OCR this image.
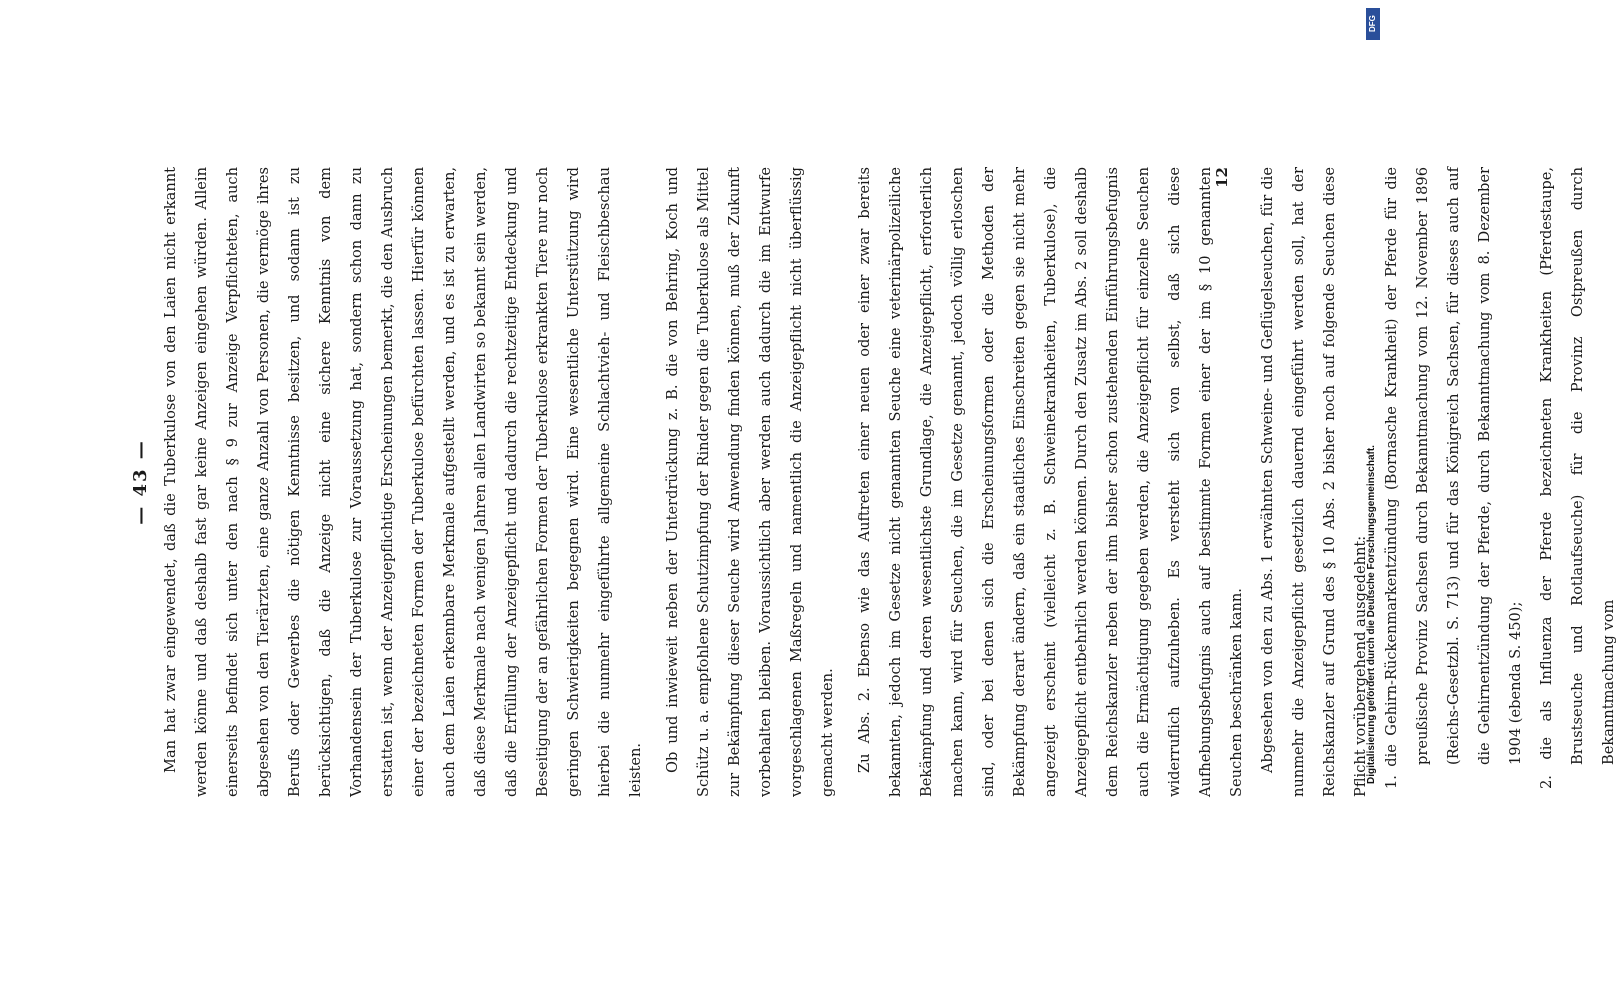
— 43 — Man hat zwar eingewendet, daß die Tuberkulose von den Laien nicht erkannt werden könne und daß deshalb fast gar keine Anzeigen eingehen würden. Allein einerseits befindet sich unter den nach § 9 zur Anzeige Verpflichteten, auch abgesehen von den Tierärzten, eine ganze Anzahl von Personen, die vermöge ihres Berufs oder Gewerbes die nötigen Kenntnisse besitzen, und sodann ist zu berücksichtigen, daß die Anzeige nicht eine sichere Kenntnis von dem Vorhandensein der Tuberkulose zur Voraussetzung hat, sondern schon dann zu erstatten ist, wenn der Anzeigepflichtige Erscheinungen bemerkt, die den Ausbruch einer der bezeichneten Formen der Tuberkulose befürchten lassen. Hierfür können auch dem Laien erkennbare Merkmale aufgestellt werden, und es ist zu erwarten, daß diese Merkmale nach wenigen Jahren allen Landwirten so bekannt sein werden, daß die Erfüllung der Anzeigepflicht und dadurch die rechtzeitige Entdeckung und Beseitigung der an gefährlichen Formen der Tuberkulose erkrankten Tiere nur noch geringen Schwierigkeiten begegnen wird. Eine wesentliche Unterstützung wird hierbei die nunmehr eingeführte allgemeine Schlachtvieh- und Fleischbeschau leisten.	Ob und inwieweit neben der Unterdrückung z. B. die von Behring, Koch und Schütz u. a. empfohlene Schutzimpfung der Rinder gegen die Tuberkulose als Mittel zur Bekämpfung dieser Seuche wird Anwendung finden können, muß der Zukunft vorbehalten bleiben. Voraussichtlich aber werden auch dadurch die im Entwurfe vorgeschlagenen Maßregeln und namentlich die Anzeigepflicht nicht überflüssig gemacht werden.	Zu Abs. 2. Ebenso wie das Auftreten einer neuen oder einer zwar bereits bekannten, jedoch im Gesetze nicht genannten Seuche eine veterinärpolizeiliche Bekämpfung und deren wesentlichste Grundlage, die Anzeigepflicht, erforderlich machen kann, wird für Seuchen, die im Gesetze genannt, jedoch völlig erloschen sind, oder bei denen sich die Erscheinungsformen oder die Methoden der Bekämpfung derart ändern, daß ein staatliches Einschreiten gegen sie nicht mehr angezeigt erscheint (vielleicht z. B. Schweinekrankheiten, Tuberkulose), die Anzeigepflicht entbehrlich werden können. Durch den Zusatz im Abs. 2 soll deshalb dem Reichskanzler neben der ihm bisher schon zustehenden Einführungsbefugnis auch die Ermächtigung gegeben werden, die Anzeigepflicht für einzelne Seuchen widerruflich aufzuheben. Es versteht sich von selbst, daß sich diese Aufhebungsbefugnis auch auf bestimmte Formen einer der im § 10 genannten Seuchen beschränken kann. Abgesehen von den zu Abs. 1 erwähnten Schweine- und Geflügelseuchen, für die nunmehr die Anzeigepflicht gesetzlich dauernd eingeführt werden soll, hat der Reichskanzler auf Grund des § 10 Abs. 2 bisher noch auf folgende Seuchen diese Pflicht vorübergehend ausgedehnt: 1. die Gehirn-Rückenmarkentzündung (Bornasche Krankheit) der Pferde für die preußische Provinz Sachsen durch Bekanntmachung vom 12. November 1896 (Reichs-Gesetzbl. S. 713) und für das Königreich Sachsen, für dieses auch auf die Gehirnentzündung der Pferde, durch Bekanntmachung vom 8. Dezember 1904 (ebenda S. 450); 2. die als Influenza der Pferde bezeichneten Krankheiten (Pferdestaupe, Brustseuche und Rotlaufseuche) für die Provinz Ostpreußen durch Bekanntmachung vom

12
DFG
Digitalisierung gefördert durch die Deutsche Forschungsgemeinschaft.
